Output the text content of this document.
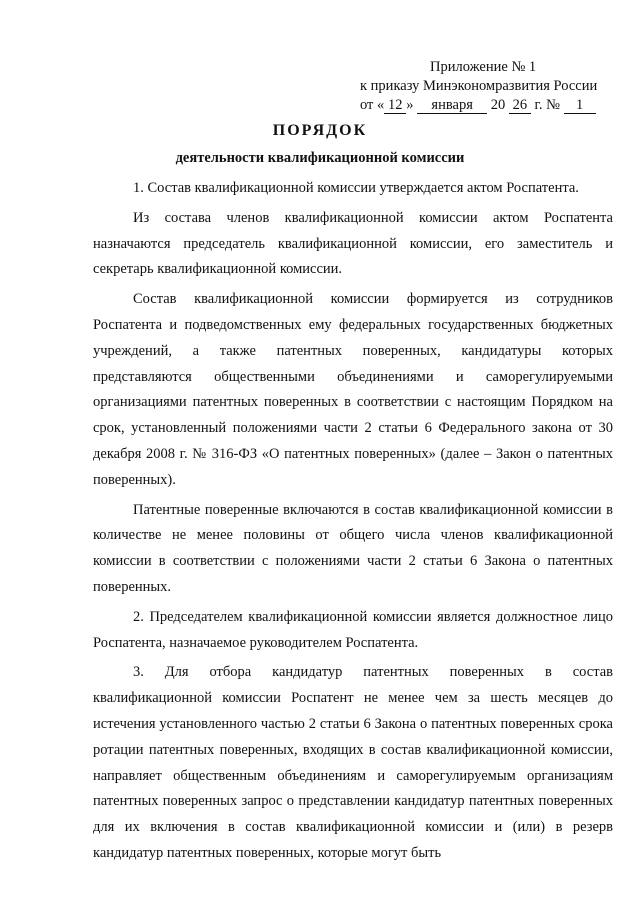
Приложение № 1
к приказу Минэкономразвития России
от « 12 » января 20 26 г. № 1
ПОРЯДОК
деятельности квалификационной комиссии

1. Состав квалификационной комиссии утверждается актом Роспатента.

Из состава членов квалификационной комиссии актом Роспатента назначаются председатель квалификационной комиссии, его заместитель и секретарь квалификационной комиссии.

Состав квалификационной комиссии формируется из сотрудников Роспатента и подведомственных ему федеральных государственных бюджетных учреждений, а также патентных поверенных, кандидатуры которых представляются общественными объединениями и саморегулируемыми организациями патентных поверенных в соответствии с настоящим Порядком на срок, установленный положениями части 2 статьи 6 Федерального закона от 30 декабря 2008 г. № 316-ФЗ «О патентных поверенных» (далее – Закон о патентных поверенных).

Патентные поверенные включаются в состав квалификационной комиссии в количестве не менее половины от общего числа членов квалификационной комиссии в соответствии с положениями части 2 статьи 6 Закона о патентных поверенных.

2. Председателем квалификационной комиссии является должностное лицо Роспатента, назначаемое руководителем Роспатента.

3. Для отбора кандидатур патентных поверенных в состав квалификационной комиссии Роспатент не менее чем за шесть месяцев до истечения установленного частью 2 статьи 6 Закона о патентных поверенных срока ротации патентных поверенных, входящих в состав квалификационной комиссии, направляет общественным объединениям и саморегулируемым организациям патентных поверенных запрос о представлении кандидатур патентных поверенных для их включения в состав квалификационной комиссии и (или) в резерв кандидатур патентных поверенных, которые могут быть
